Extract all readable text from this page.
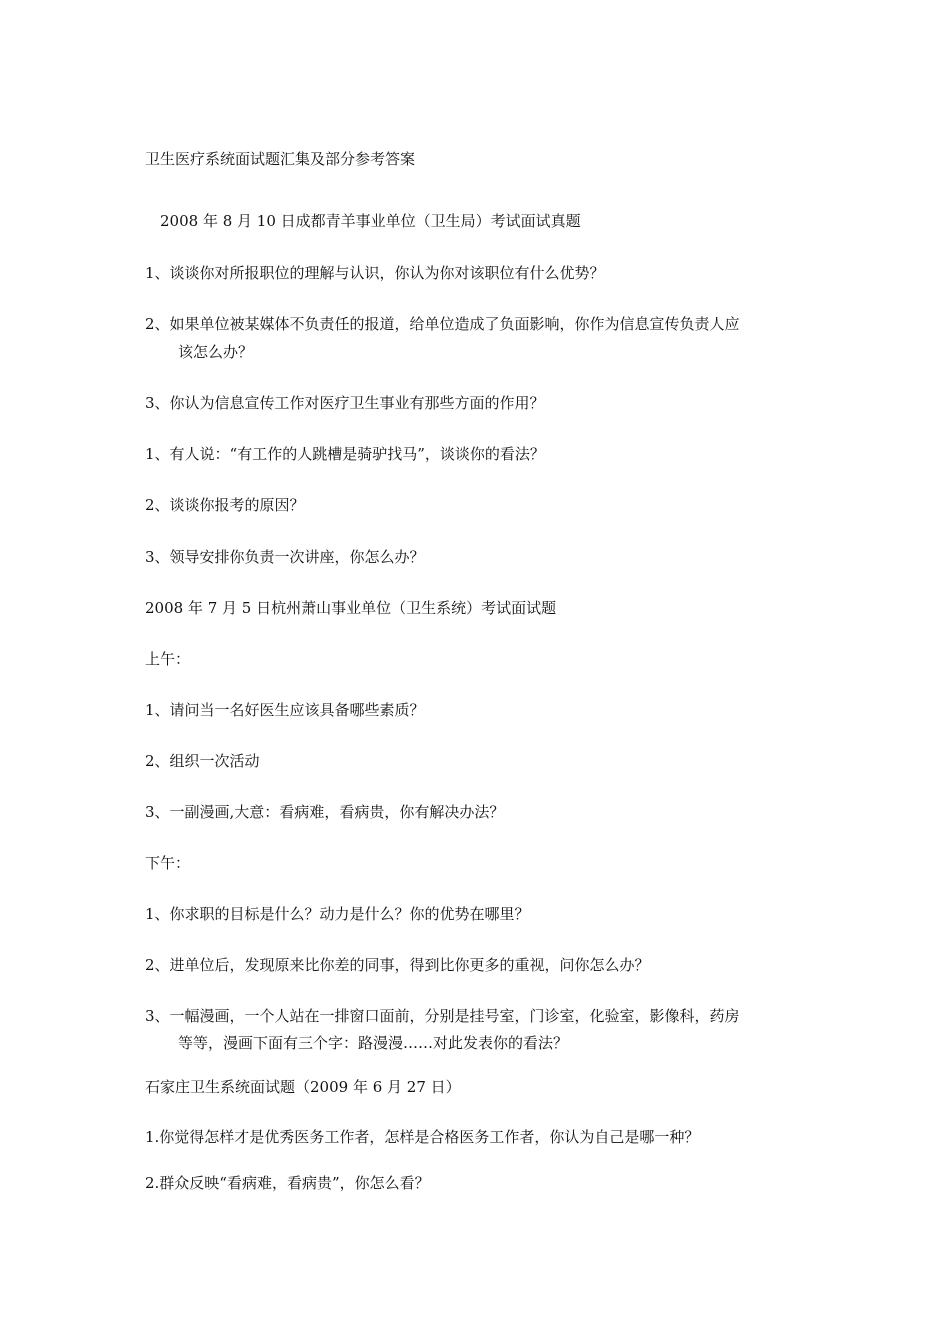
卫生医疗系统面试题汇集及部分参考答案
2008 年 8 月 10 日成都青羊事业单位（卫生局）考试面试真题
1、谈谈你对所报职位的理解与认识，你认为你对该职位有什么优势？
2、如果单位被某媒体不负责任的报道，给单位造成了负面影响，你作为信息宣传负责人应
该怎么办？
3、你认为信息宣传工作对医疗卫生事业有那些方面的作用？
1、有人说：“有工作的人跳槽是骑驴找马”，谈谈你的看法？
2、谈谈你报考的原因？
3、领导安排你负责一次讲座，你怎么办？
2008 年 7 月 5 日杭州萧山事业单位（卫生系统）考试面试题
上午：
1、请问当一名好医生应该具备哪些素质？
2、组织一次活动
3、一副漫画,大意：看病难，看病贵，你有解决办法？
下午：
1、你求职的目标是什么？动力是什么？你的优势在哪里？
2、进单位后，发现原来比你差的同事，得到比你更多的重视，问你怎么办？
3、一幅漫画，一个人站在一排窗口面前，分别是挂号室，门诊室，化验室，影像科，药房
等等，漫画下面有三个字：路漫漫……对此发表你的看法？
石家庄卫生系统面试题（2009 年 6 月 27 日）
1.你觉得怎样才是优秀医务工作者，怎样是合格医务工作者，你认为自己是哪一种？
2.群众反映“看病难，看病贵”，你怎么看？
